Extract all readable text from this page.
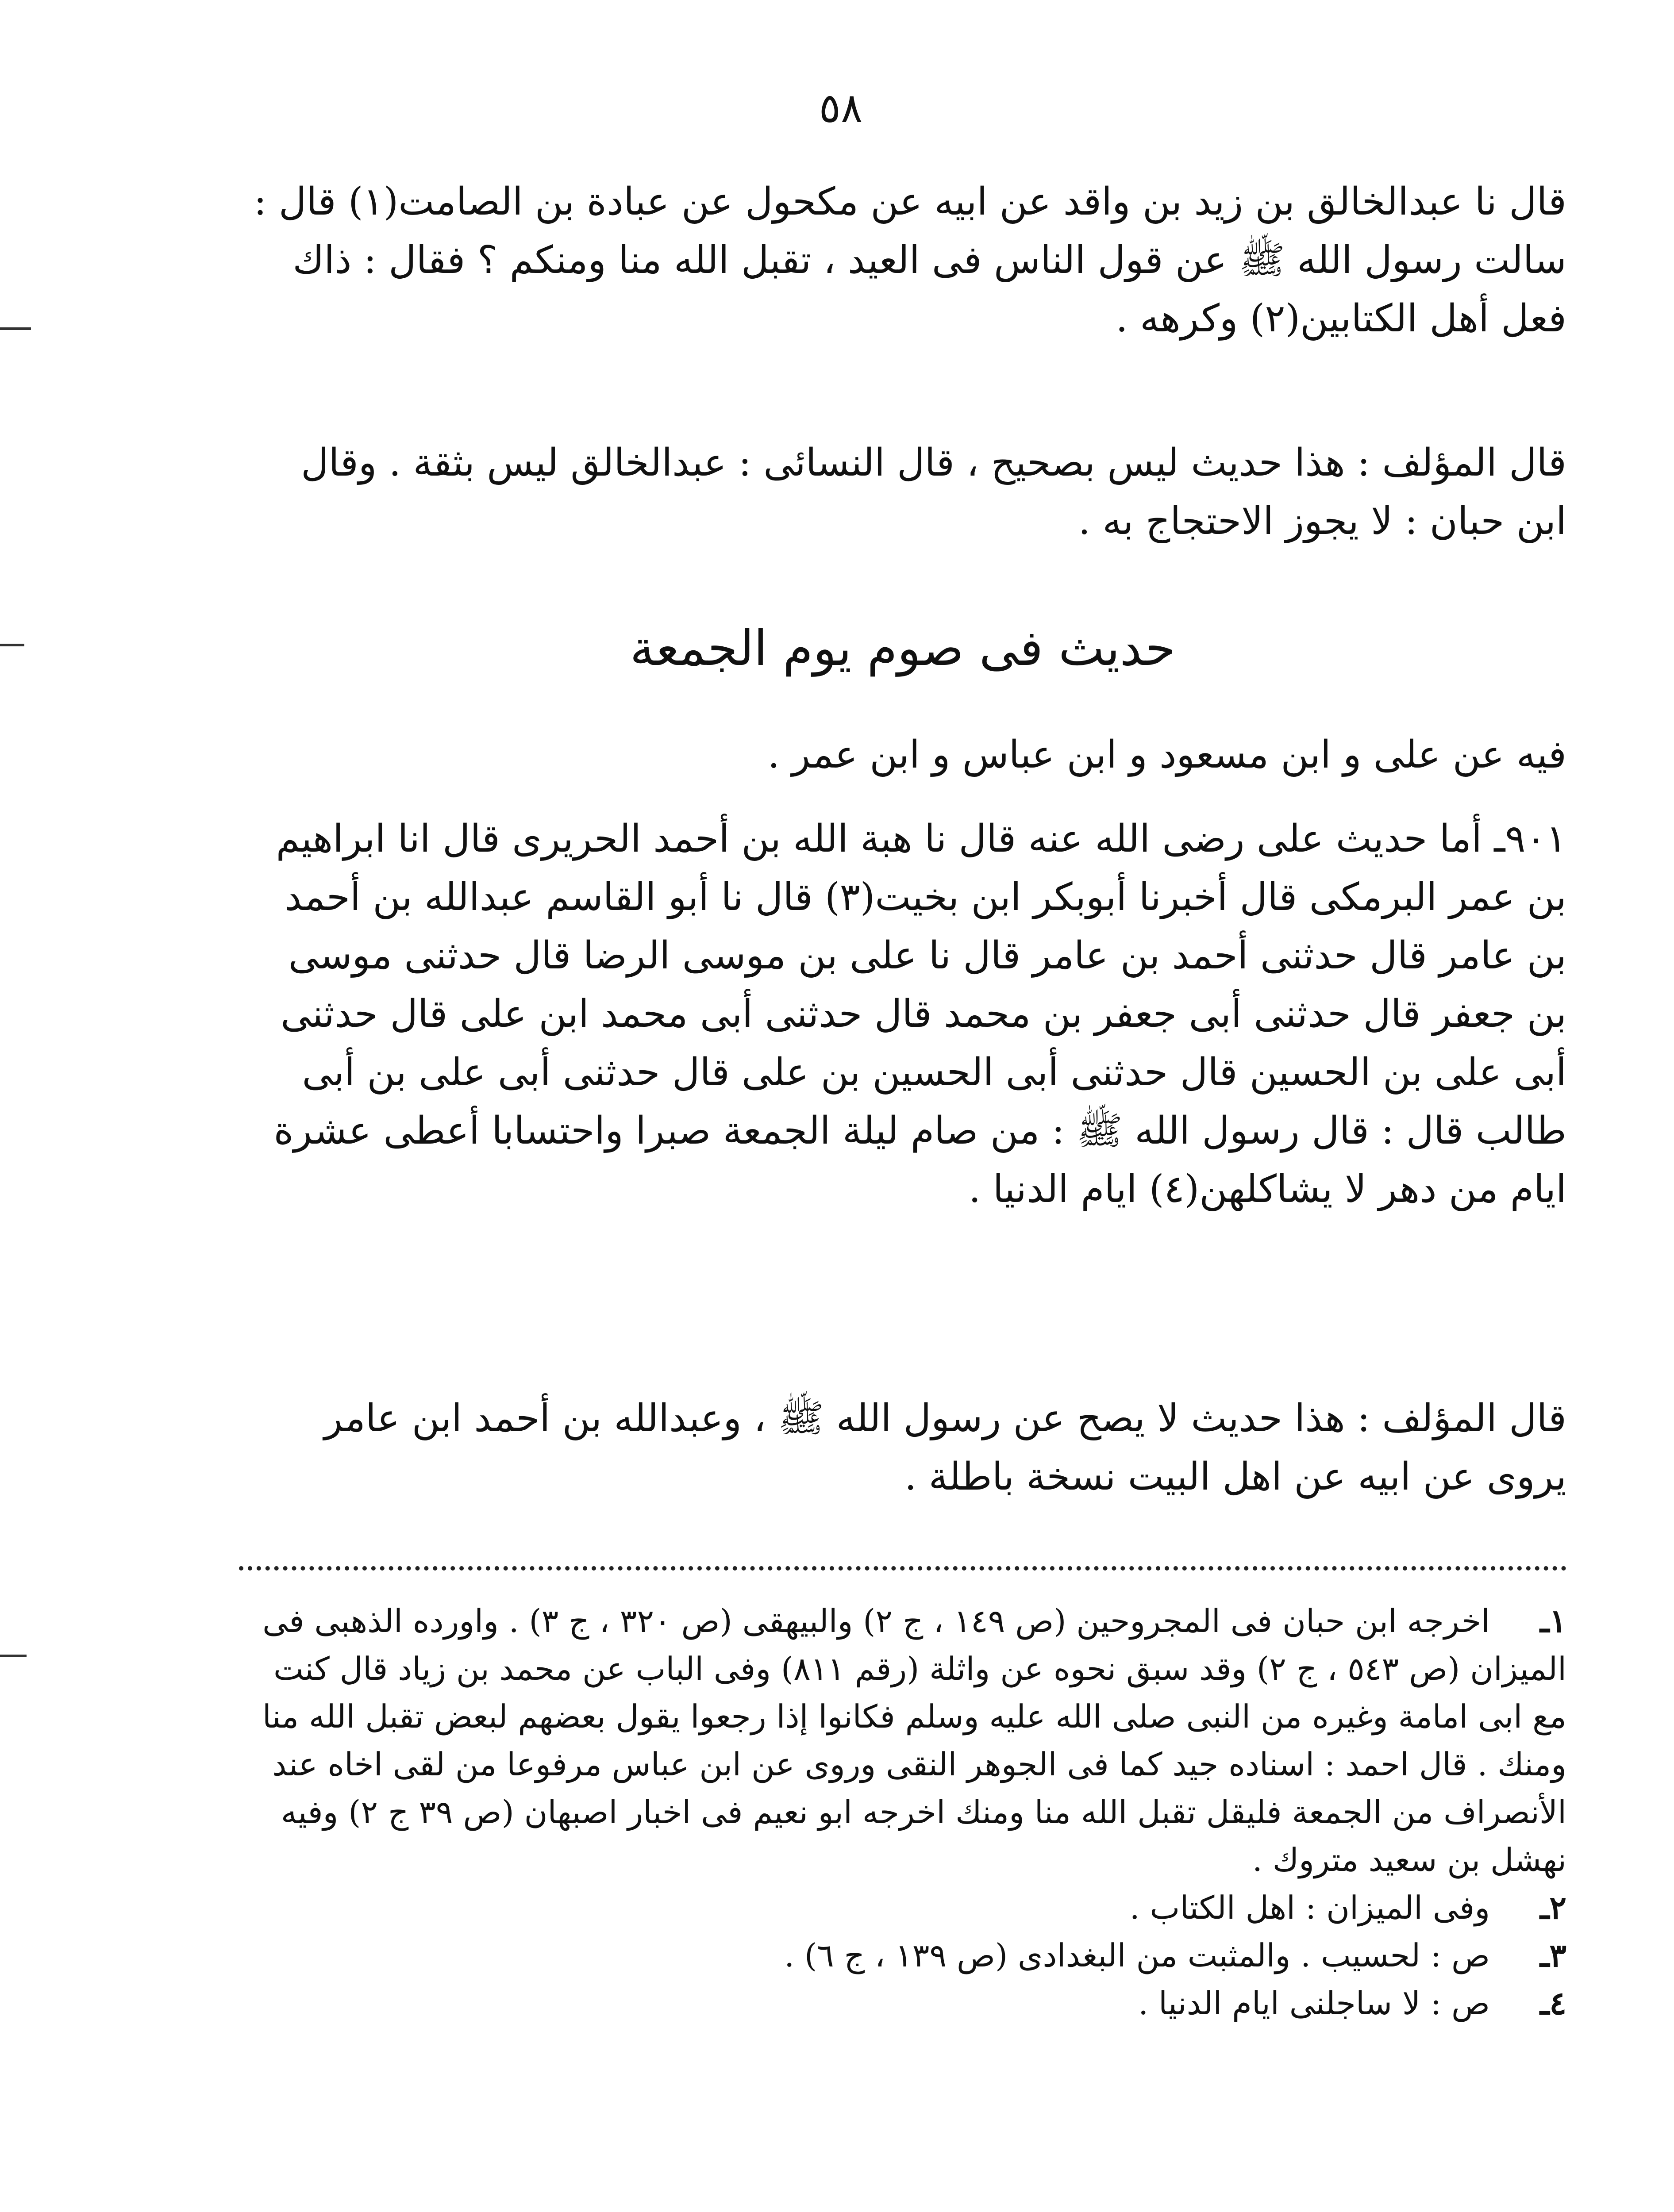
٥٨

قال نا عبدالخالق بن زيد بن واقد عن ابيه عن مكحول عن عبادة بن الصامت(١) قال : سالت رسول الله ﷺ عن قول الناس فى العيد ، تقبل الله منا ومنكم ؟ فقال : ذاك فعل أهل الكتابين(٢) وكرهه .

قال المؤلف : هذا حديث ليس بصحيح ، قال النسائى : عبدالخالق ليس بثقة . وقال ابن حبان : لا يجوز الاحتجاج به .

حديث فى صوم يوم الجمعة

فيه عن على و ابن مسعود و ابن عباس و ابن عمر .

٩٠١ـ أما حديث على رضى الله عنه قال نا هبة الله بن أحمد الحريرى قال انا ابراهيم بن عمر البرمكى قال أخبرنا أبوبكر ابن بخيت(٣) قال نا أبو القاسم عبدالله بن أحمد بن عامر قال حدثنى أحمد بن عامر قال نا على بن موسى الرضا قال حدثنى موسى بن جعفر قال حدثنى أبى جعفر بن محمد قال حدثنى أبى محمد ابن على قال حدثنى أبى على بن الحسين قال حدثنى أبى الحسين بن على قال حدثنى أبى على بن أبى طالب قال : قال رسول الله ﷺ : من صام ليلة الجمعة صبرا واحتسابا أعطى عشرة ايام من دهر لا يشاكلهن(٤) ايام الدنيا .

قال المؤلف : هذا حديث لا يصح عن رسول الله ﷺ ، وعبدالله بن أحمد ابن عامر يروى عن ابيه عن اهل البيت نسخة باطلة .

١ـ اخرجه ابن حبان فى المجروحين (ص ١٤٩ ، ج ٢) والبيهقى (ص ٣٢٠ ، ج ٣) . واورده الذهبى فى الميزان (ص ٥٤٣ ، ج ٢) وقد سبق نحوه عن واثلة (رقم ٨١١) وفى الباب عن محمد بن زياد قال كنت مع ابى امامة وغيره من النبى صلى الله عليه وسلم فكانوا إذا رجعوا يقول بعضهم لبعض تقبل الله منا ومنك . قال احمد : اسناده جيد كما فى الجوهر النقى وروى عن ابن عباس مرفوعا من لقى اخاه عند الأنصراف من الجمعة فليقل تقبل الله منا ومنك اخرجه ابو نعيم فى اخبار اصبهان (ص ٣٩ ج ٢) وفيه نهشل بن سعيد متروك .

٢ـ وفى الميزان : اهل الكتاب .

٣ـ ص : لحسيب . والمثبت من البغدادى (ص ١٣٩ ، ج ٦) .

٤ـ ص : لا ساجلنى ايام الدنيا .
